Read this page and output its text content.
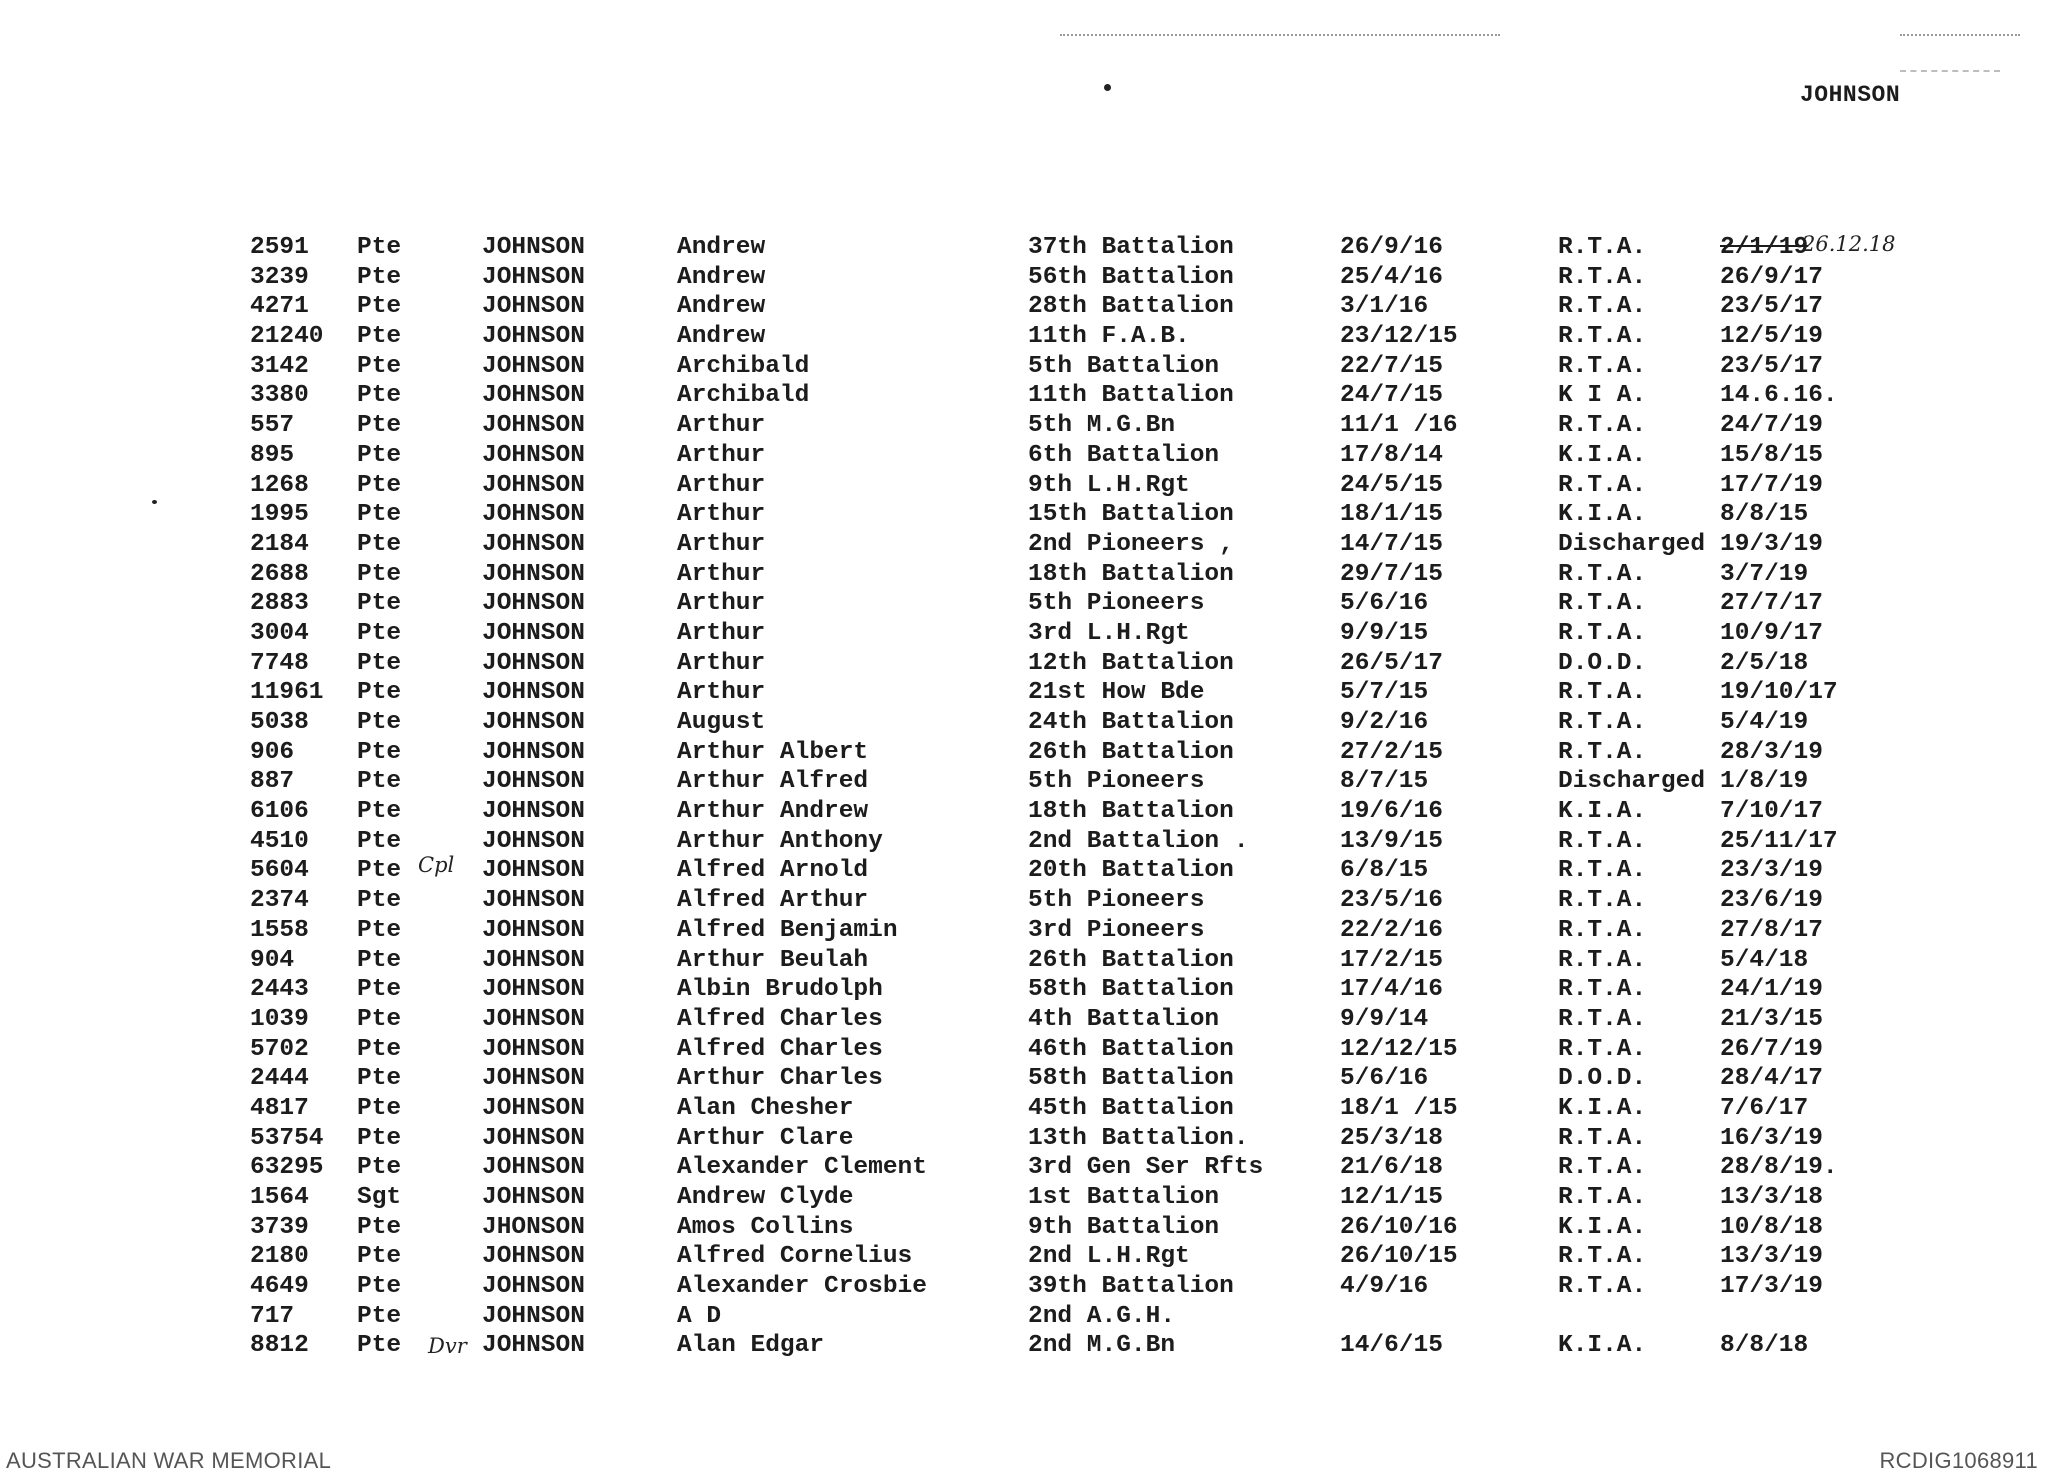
JOHNSON
2591 Pte	JOHNSON	Andrew	37th Battalion	26/9/16	R.T.A.	2/1/19
26.12.18
3239 Pte	JOHNSON	Andrew	56th Battalion	25/4/16	R.T.A.	26/9/17
4271 Pte	JOHNSON	Andrew	28th Battalion	3/1/16	R.T.A.	23/5/17
21240 Pte	JOHNSON	Andrew	11th F.A.B.	23/12/15	R.T.A.	12/5/19
3142 Pte	JOHNSON	Archibald	5th Battalion	22/7/15	R.T.A.	23/5/17
3380 Pte	JOHNSON	Archibald	11th Battalion	24/7/15	K I A.	14.6.16.
557	Pte	JOHNSON	Arthur	5th M.G.Bn	11/1 /16	R.T.A.	24/7/19
895	Pte	JOHNSON	Arthur	6th Battalion	17/8/14	K.I.A.	15/8/15
1268 Pte	JOHNSON	Arthur	9th L.H.Rgt	24/5/15	R.T.A.	17/7/19
1995 Pte	JOHNSON	Arthur	15th Battalion	18/1/15	K.I.A.	8/8/15
2184 Pte	JOHNSON	Arthur	2nd Pioneers ,	14/7/15	Discharged 19/3/19
2688 Pte	JOHNSON	Arthur	18th Battalion	29/7/15	R.T.A.	3/7/19
2883 Pte	JOHNSON	Arthur	5th Pioneers	5/6/16	R.T.A.	27/7/17
3004 Pte	JOHNSON	Arthur	3rd L.H.Rgt	9/9/15	R.T.A.	10/9/17
7748 Pte	JOHNSON	Arthur	12th Battalion	26/5/17	D.O.D.	2/5/18
11961 Pte	JOHNSON	Arthur	21st How Bde	5/7/15	R.T.A.	19/10/17
5038 Pte	JOHNSON	August	24th Battalion	9/2/16	R.T.A.	5/4/19
906	Pte	JOHNSON	Arthur Albert	26th Battalion	27/2/15	R.T.A.	28/3/19
887	Pte	JOHNSON	Arthur Alfred	5th Pioneers	8/7/15	Discharged 1/8/19
6106 Pte	JOHNSON	Arthur Andrew	18th Battalion	19/6/16	K.I.A.	7/10/17
4510 Pte	JOHNSON	Arthur Anthony	2nd Battalion .	13/9/15	R.T.A.	25/11/17
5604 Pte	JOHNSON	Alfred Arnold	20th Battalion	6/8/15	R.T.A.	23/3/19
Cpl
2374 Pte	JOHNSON	Alfred Arthur	5th Pioneers	23/5/16	R.T.A.	23/6/19
1558 Pte	JOHNSON	Alfred Benjamin	3rd Pioneers	22/2/16	R.T.A.	27/8/17
904	Pte	JOHNSON	Arthur Beulah	26th Battalion	17/2/15	R.T.A.	5/4/18
2443 Pte	JOHNSON	Albin Brudolph	58th Battalion	17/4/16	R.T.A.	24/1/19
1039 Pte	JOHNSON	Alfred Charles	4th Battalion	9/9/14	R.T.A.	21/3/15
5702 Pte	JOHNSON	Alfred Charles	46th Battalion	12/12/15	R.T.A.	26/7/19
2444 Pte	JOHNSON	Arthur Charles	58th Battalion	5/6/16	D.O.D.	28/4/17
4817 Pte	JOHNSON	Alan Chesher	45th Battalion	18/1 /15	K.I.A.	7/6/17
53754 Pte	JOHNSON	Arthur Clare	13th Battalion.	25/3/18	R.T.A.	16/3/19
63295 Pte	JOHNSON	Alexander Clement	3rd Gen Ser Rfts	21/6/18	R.T.A.	28/8/19.
1564 Sgt	JOHNSON	Andrew Clyde	1st Battalion	12/1/15	R.T.A.	13/3/18
3739 Pte	JHONSON	Amos Collins	9th Battalion	26/10/16	K.I.A.	10/8/18
2180 Pte	JOHNSON	Alfred Cornelius	2nd L.H.Rgt	26/10/15	R.T.A.	13/3/19
4649 Pte	JOHNSON	Alexander Crosbie	39th Battalion	4/9/16	R.T.A.	17/3/19
717	Pte	JOHNSON	A D	2nd A.G.H.
8812 Pte	JOHNSON	Alan Edgar	2nd M.G.Bn	14/6/15	K.I.A.	8/8/18
Dvr
AUSTRALIAN WAR MEMORIAL	RCDIG1068911
